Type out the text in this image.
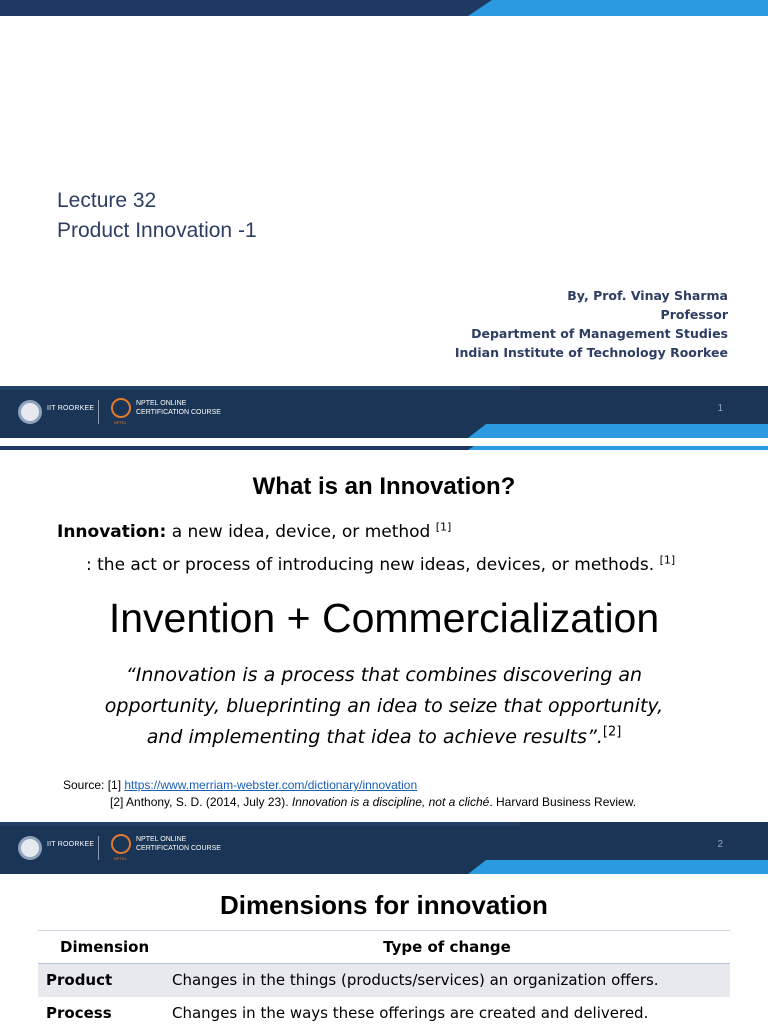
Lecture 32
Product Innovation -1
By, Prof. Vinay Sharma
Professor
Department of Management Studies
Indian Institute of Technology Roorkee
IIT ROORKEE
NPTEL
NPTEL ONLINE
CERTIFICATION COURSE	1
What is an Innovation?
Innovation: a new idea, device, or method [1]
: the act or process of introducing new ideas, devices, or methods. [1]
Invention + Commercialization
“Innovation is a process that combines discovering an
opportunity, blueprinting an idea to seize that opportunity,
and implementing that idea to achieve results”.[2]
Source: [1] https://www.merriam-webster.com/dictionary/innovation
[2] Anthony, S. D. (2014, July 23). Innovation is a discipline, not a cliché. Harvard Business Review.
IIT ROORKEE
NPTEL
NPTEL ONLINE
CERTIFICATION COURSE	2
Dimensions for innovation
Dimension	Type of change
Product	Changes in the things (products/services) an organization offers.
Process	Changes in the ways these offerings are created and delivered.
